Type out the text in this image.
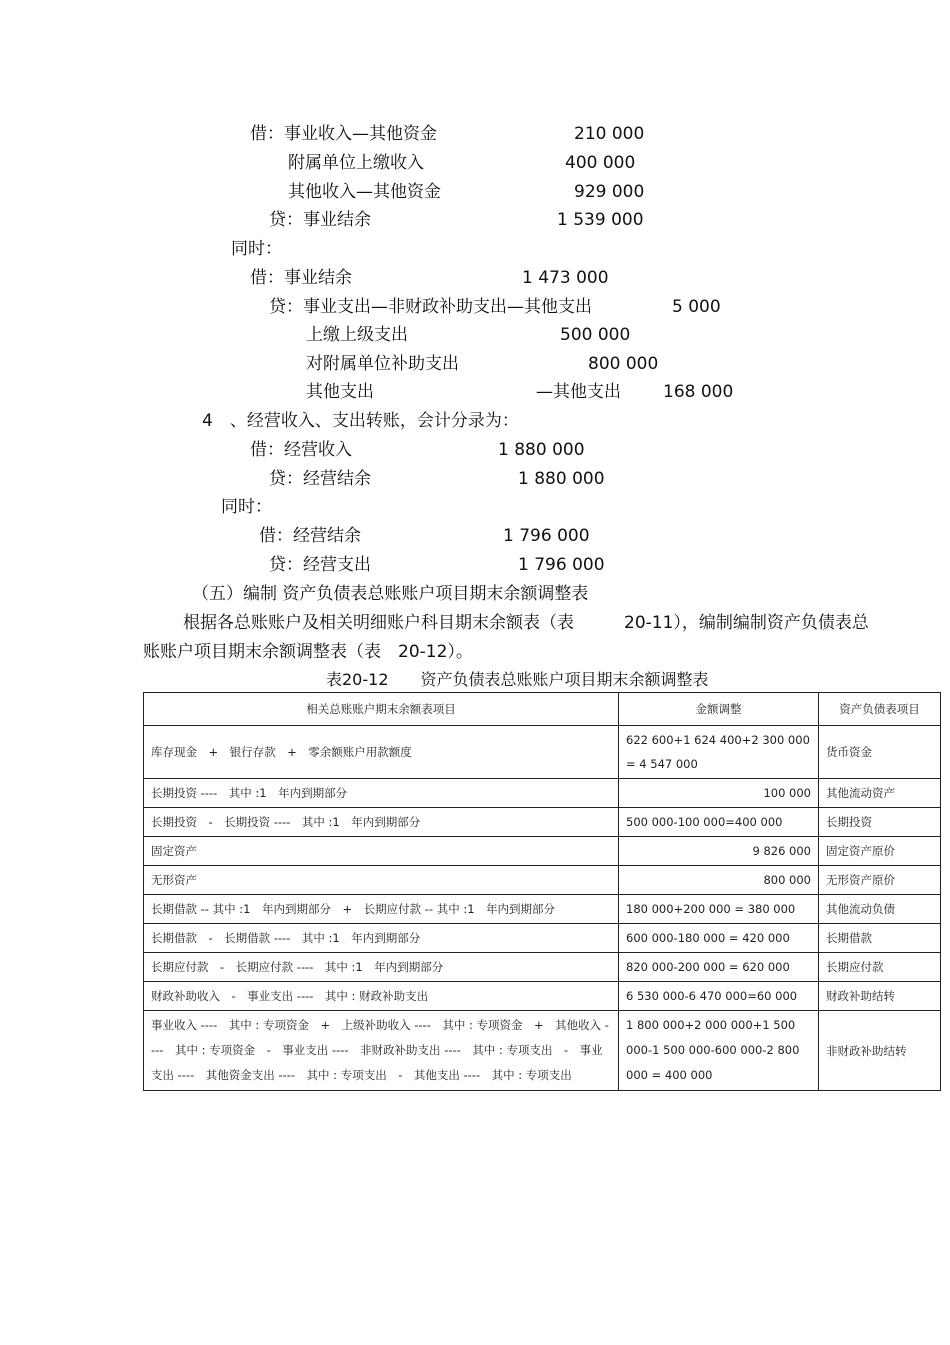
借：事业收入—其他资金	210 000
附属单位上缴收入	400 000
其他收入—其他资金	929 000
贷：事业结余	1 539 000
同时：
借：事业结余	1 473 000
贷：事业支出—非财政补助支出—其他支出	5 000
上缴上级支出	500 000
对附属单位补助支出	800 000
其他支出	—其他支出 168 000
4　、经营收入、支出转账，会计分录为：
借：经营收入	1 880 000
贷：经营结余	1 880 000
同时：
借：经营结余	1 796 000
贷：经营支出	1 796 000
（五）编制 资产负债表总账账户项目期末余额调整表
根据各总账账户及相关明细账户科目期末余额表（表	20-11），编制编制资产负债表总
账账户项目期末余额调整表（表　20-12）。
表20-12　　资产负债表总账账户项目期末余额调整表
相关总账账户期末余额表项目	金额调整	资产负债表项目
库存现金　+　银行存款　+　零余额账户用款额度	622 600+1 624 400+2 300 000 = 4 547 000	货币资金
长期投资 ----　其中 :1　年内到期部分	100 000	其他流动资产
长期投资　-　长期投资 ----　其中 :1　年内到期部分	500 000-100 000=400 000	长期投资
固定资产	9 826 000	固定资产原价
无形资产	800 000	无形资产原价
长期借款 -- 其中 :1　年内到期部分　+　长期应付款 -- 其中 :1　年内到期部分	180 000+200 000 = 380 000	其他流动负债
长期借款　-　长期借款 ----　其中 :1　年内到期部分	600 000-180 000 = 420 000	长期借款
长期应付款　-　长期应付款 ----　其中 :1　年内到期部分	820 000-200 000 = 620 000	长期应付款
财政补助收入　-　事业支出 ----　其中 : 财政补助支出	6 530 000-6 470 000=60 000	财政补助结转
事业收入 ----　其中 : 专项资金　+　上级补助收入 ----　其中 : 专项资金　+　其他收入 ----　其中 : 专项资金　-　事业支出 ----　非财政补助支出 ----　其中 : 专项支出　-　事业支出 ----　其他资金支出 ----　其中 : 专项支出　-　其他支出 ----　其中 : 专项支出	1 800 000+2 000 000+1 500 000-1 500 000-600 000-2 800 000 = 400 000	非财政补助结转
